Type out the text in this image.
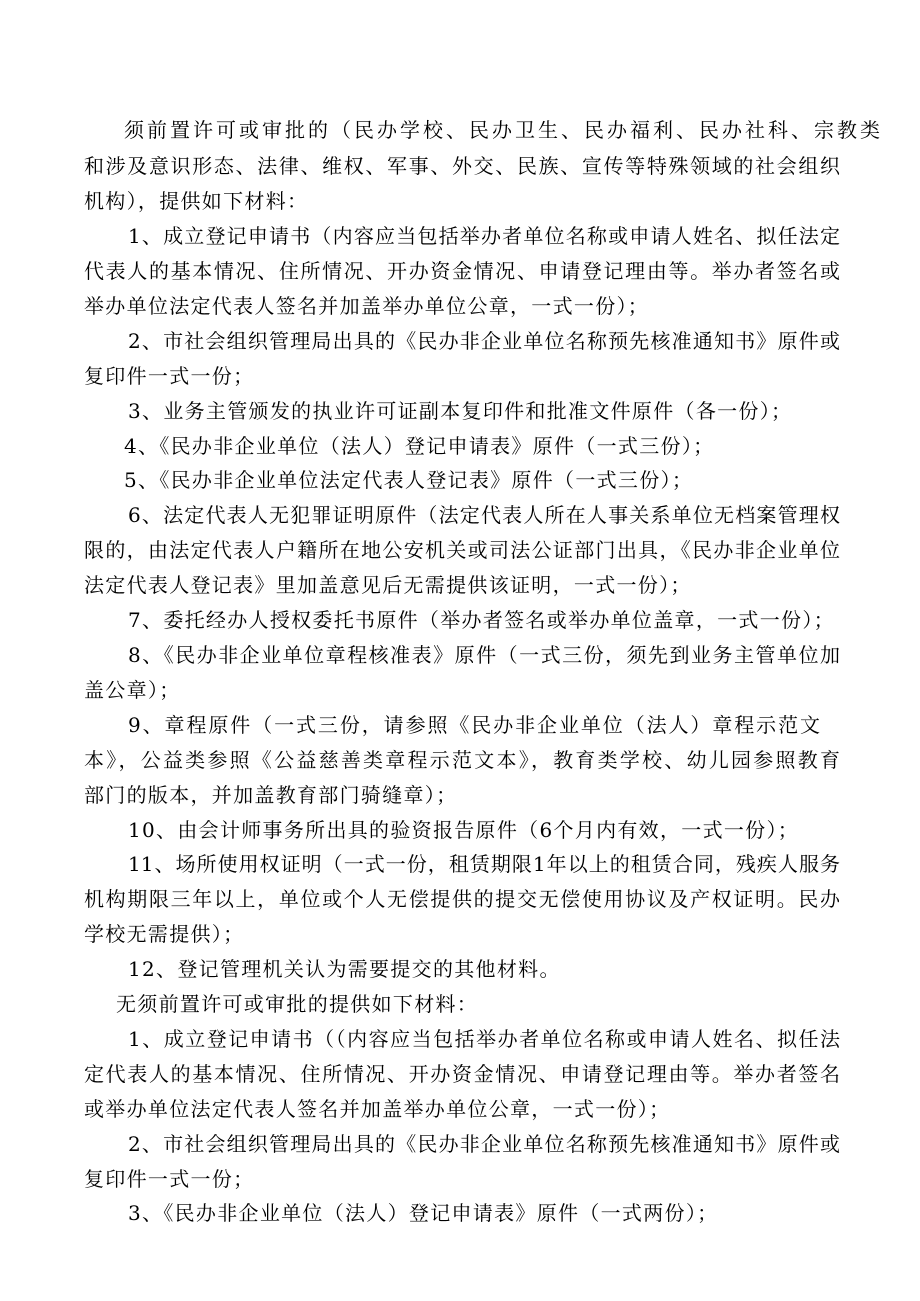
须前置许可或审批的（民办学校、民办卫生、民办福利、民办社科、宗教类
和涉及意识形态、法律、维权、军事、外交、民族、宣传等特殊领域的社会组织
机构），提供如下材料：
1、成立登记申请书（内容应当包括举办者单位名称或申请人姓名、拟任法定
代表人的基本情况、住所情况、开办资金情况、申请登记理由等。举办者签名或
举办单位法定代表人签名并加盖举办单位公章，一式一份）；
2、市社会组织管理局出具的《民办非企业单位名称预先核准通知书》原件或
复印件一式一份；
3、业务主管颁发的执业许可证副本复印件和批准文件原件（各一份）；
4、《民办非企业单位（法人）登记申请表》原件（一式三份）；
5、《民办非企业单位法定代表人登记表》原件（一式三份）；
6、法定代表人无犯罪证明原件（法定代表人所在人事关系单位无档案管理权
限的，由法定代表人户籍所在地公安机关或司法公证部门出具，《民办非企业单位
法定代表人登记表》里加盖意见后无需提供该证明，一式一份）；
7、委托经办人授权委托书原件（举办者签名或举办单位盖章，一式一份）；
8、《民办非企业单位章程核准表》原件（一式三份，须先到业务主管单位加
盖公章）；
9、章程原件（一式三份，请参照《民办非企业单位（法人）章程示范文
本》，公益类参照《公益慈善类章程示范文本》，教育类学校、幼儿园参照教育
部门的版本，并加盖教育部门骑缝章）；
10、由会计师事务所出具的验资报告原件（6个月内有效，一式一份）；
11、场所使用权证明（一式一份，租赁期限1年以上的租赁合同，残疾人服务
机构期限三年以上，单位或个人无偿提供的提交无偿使用协议及产权证明。民办
学校无需提供）；
12、登记管理机关认为需要提交的其他材料。
无须前置许可或审批的提供如下材料：
1、成立登记申请书（（内容应当包括举办者单位名称或申请人姓名、拟任法
定代表人的基本情况、住所情况、开办资金情况、申请登记理由等。举办者签名
或举办单位法定代表人签名并加盖举办单位公章，一式一份）；
2、市社会组织管理局出具的《民办非企业单位名称预先核准通知书》原件或
复印件一式一份；
3、《民办非企业单位（法人）登记申请表》原件（一式两份）；
